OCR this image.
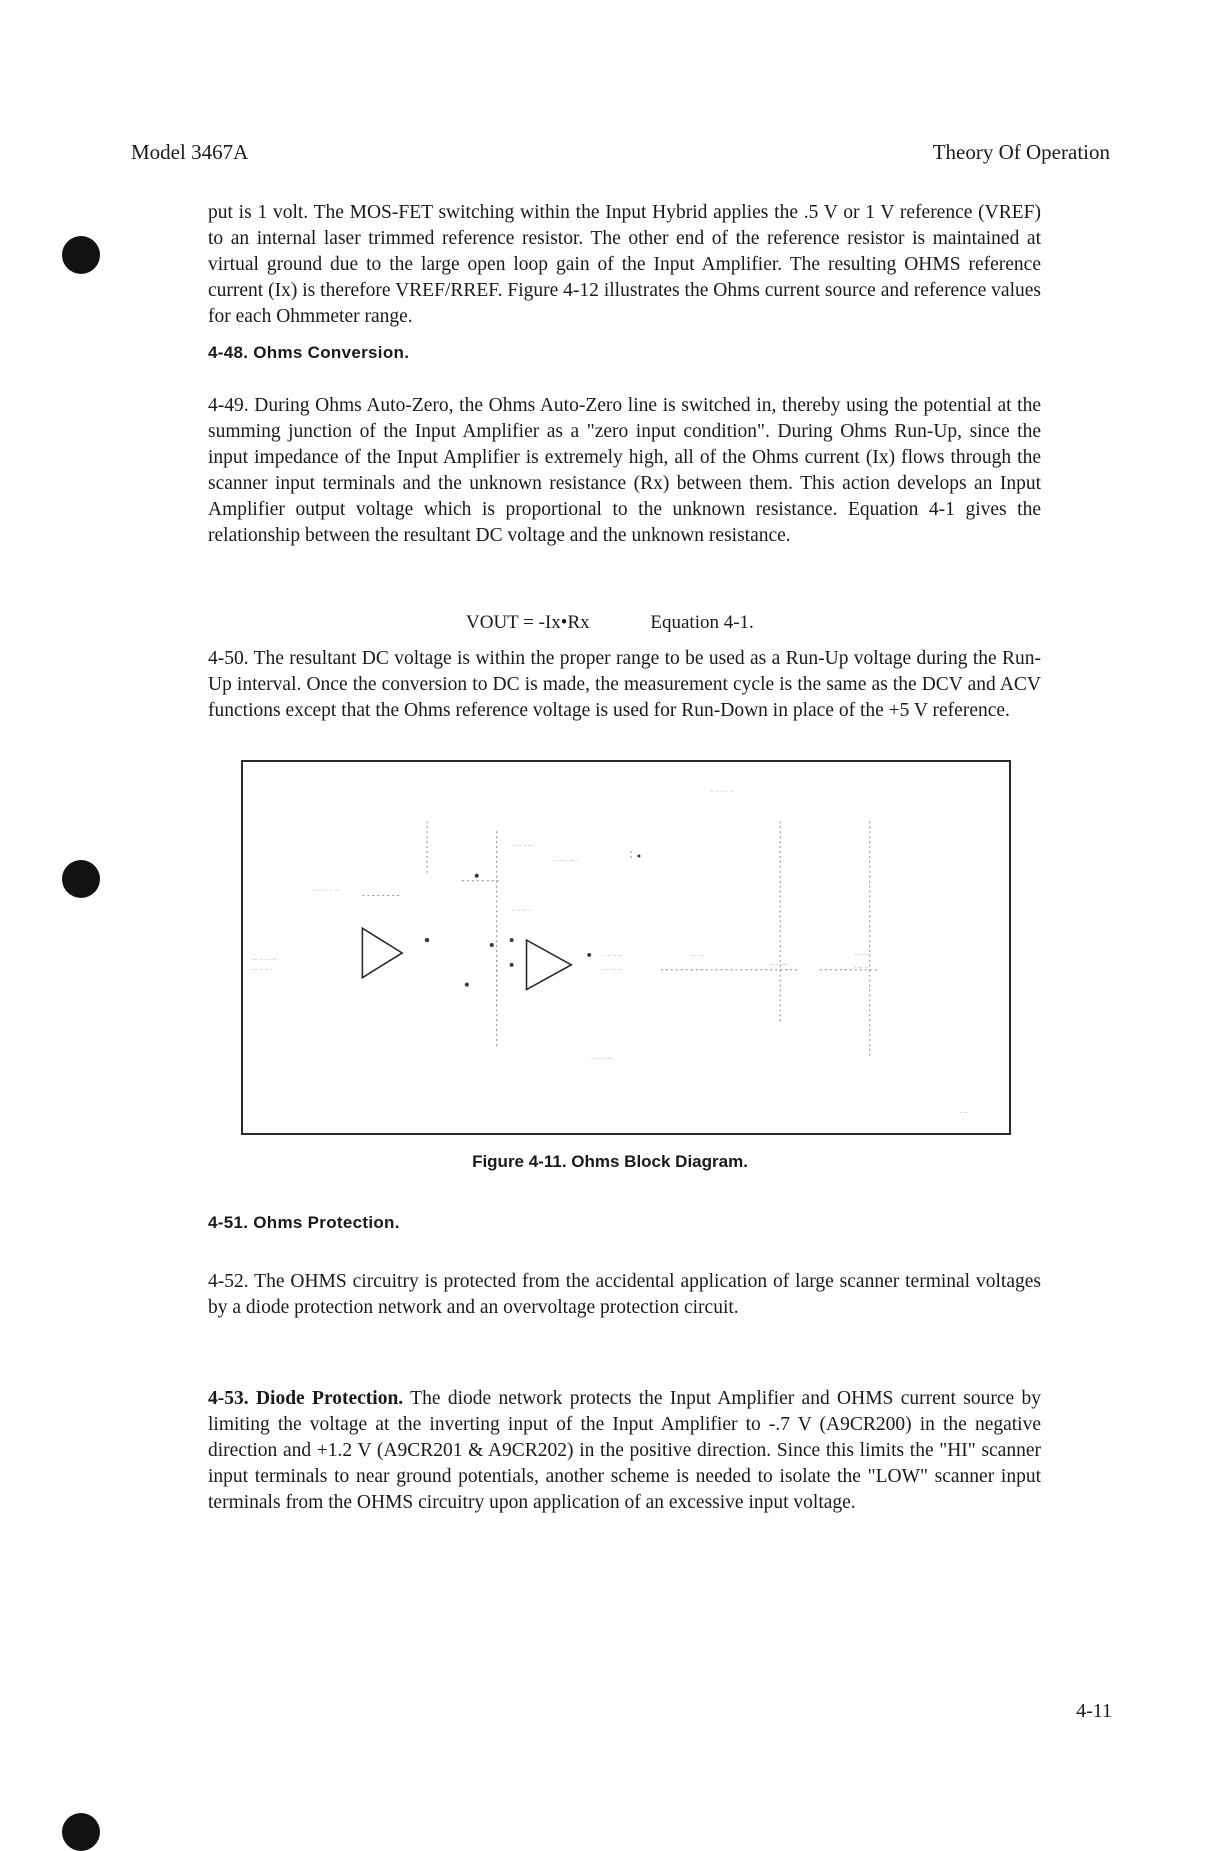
Model 3467A	Theory Of Operation

put is 1 volt. The MOS-FET switching within the Input Hybrid applies the .5 V or 1 V reference (VREF) to an internal laser trimmed reference resistor. The other end of the reference resistor is maintained at virtual ground due to the large open loop gain of the Input Amplifier. The resulting OHMS reference current (Ix) is therefore VREF/RREF. Figure 4-12 illustrates the Ohms current source and reference values for each Ohmmeter range.

4-48. Ohms Conversion.

4-49. During Ohms Auto-Zero, the Ohms Auto-Zero line is switched in, thereby using the potential at the summing junction of the Input Amplifier as a "zero input condition". During Ohms Run-Up, since the input impedance of the Input Amplifier is extremely high, all of the Ohms current (Ix) flows through the scanner input terminals and the unknown resistance (Rx) between them. This action develops an Input Amplifier output voltage which is proportional to the unknown resistance. Equation 4-1 gives the relationship between the resultant DC voltage and the unknown resistance.

VOUT = -Ix•Rx	Equation 4-1.

4-50. The resultant DC voltage is within the proper range to be used as a Run-Up voltage during the Run-Up interval. Once the conversion to DC is made, the measurement cycle is the same as the DCV and ACV functions except that the Ohms reference voltage is used for Run-Down in place of the +5 V reference.

.. .. . ... ..
. .. . .. ...
. .. ... . ... .
.. . .... .. ...
... .. . .. ..
... .. .. ..
.. .. ... ..
. . .. .. ...
. .. .... ..
... . ..
.. .. ..
.. .. ....
.. .. ...
. ... ..
... .. .. ...
.. ..
Figure 4-11. Ohms Block Diagram.
4-51. Ohms Protection.

4-52. The OHMS circuitry is protected from the accidental application of large scanner terminal voltages by a diode protection network and an overvoltage protection circuit.

4-53. Diode Protection. The diode network protects the Input Amplifier and OHMS current source by limiting the voltage at the inverting input of the Input Amplifier to -.7 V (A9CR200) in the negative direction and +1.2 V (A9CR201 & A9CR202) in the positive direction. Since this limits the "HI" scanner input terminals to near ground potentials, another scheme is needed to isolate the "LOW" scanner input terminals from the OHMS circuitry upon application of an excessive input voltage.

4-11
